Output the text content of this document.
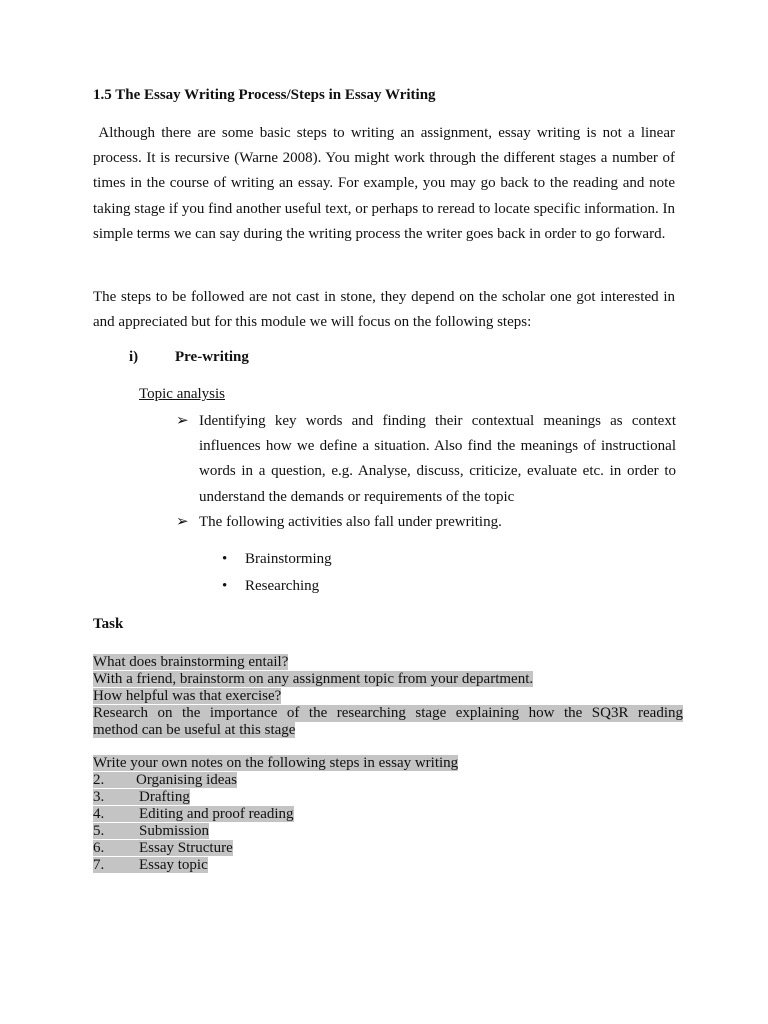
1.5 The Essay Writing Process/Steps in Essay Writing
Although there are some basic steps to writing an assignment, essay writing is not a linear process. It is recursive (Warne 2008). You might work through the different stages a number of times in the course of writing an essay. For example, you may go back to the reading and note taking stage if you find another useful text, or perhaps to reread to locate specific information. In simple terms we can say during the writing process the writer goes back in order to go forward.
The steps to be followed are not cast in stone, they depend on the scholar one got interested in and appreciated but for this module we will focus on the following steps:
i) Pre-writing
Topic analysis
➢ Identifying key words and finding their contextual meanings as context influences how we define a situation. Also find the meanings of instructional words in a question, e.g. Analyse, discuss, criticize, evaluate etc. in order to understand the demands or requirements of the topic
➢ The following activities also fall under prewriting.
• Brainstorming
• Researching
Task
What does brainstorming entail?
With a friend, brainstorm on any assignment topic from your department.
How helpful was that exercise?
Research on the importance of the researching stage explaining how the SQ3R reading
method can be useful at this stage
Write your own notes on the following steps in essay writing
2. Organising ideas
3. Drafting
4. Editing and proof reading
5. Submission
6. Essay Structure
7. Essay topic
